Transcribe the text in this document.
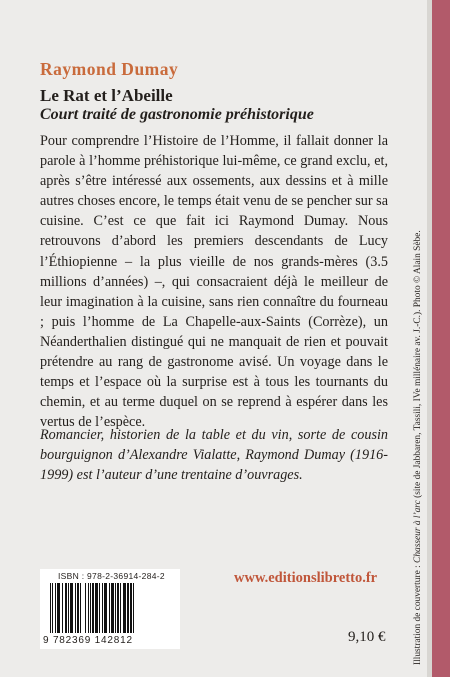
Raymond Dumay
Le Rat et l’Abeille
Court traité de gastronomie préhistorique

Pour comprendre l’Histoire de l’Homme, il fallait donner la parole à l’homme préhistorique lui-même, ce grand exclu, et, après s’être intéressé aux ossements, aux dessins et à mille autres choses encore, le temps était venu de se pencher sur sa cuisine. C’est ce que fait ici Raymond Dumay. Nous retrouvons d’abord les premiers descendants de Lucy l’Éthiopienne – la plus vieille de nos grands-mères (3.5 millions d’années) –, qui consacraient déjà le meilleur de leur imagination à la cuisine, sans rien connaître du fourneau ; puis l’homme de La Chapelle-aux-Saints (Corrèze), un Néanderthalien distingué qui ne manquait de rien et pouvait prétendre au rang de gastronome avisé. Un voyage dans le temps et l’espace où la surprise est à tous les tournants du chemin, et au terme duquel on se reprend à espérer dans les vertus de l’espèce.

Romancier, historien de la table et du vin, sorte de cousin bourguignon d’Alexandre Vialatte, Raymond Dumay (1916-1999) est l’auteur d’une trentaine d’ouvrages.

Illustration de couverture : Chasseur à l’arc (site de Jabbaren, Tassili, IVe millénaire av. J.-C.). Photo © Alain Sèbe.
ISBN : 978-2-36914-284-2
9 782369 142812
www.editionslibretto.fr
9,10 €
